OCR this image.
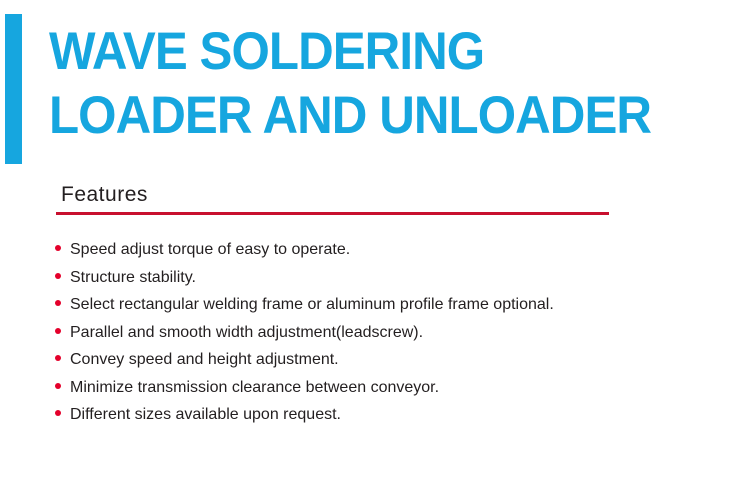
WAVE SOLDERING
LOADER AND UNLOADER
Features
Speed adjust torque of easy to operate.
Structure stability.
Select rectangular welding frame or aluminum profile frame optional.
Parallel and smooth width adjustment(leadscrew).
Convey speed and height adjustment.
Minimize transmission clearance between conveyor.
Different sizes available upon request.
